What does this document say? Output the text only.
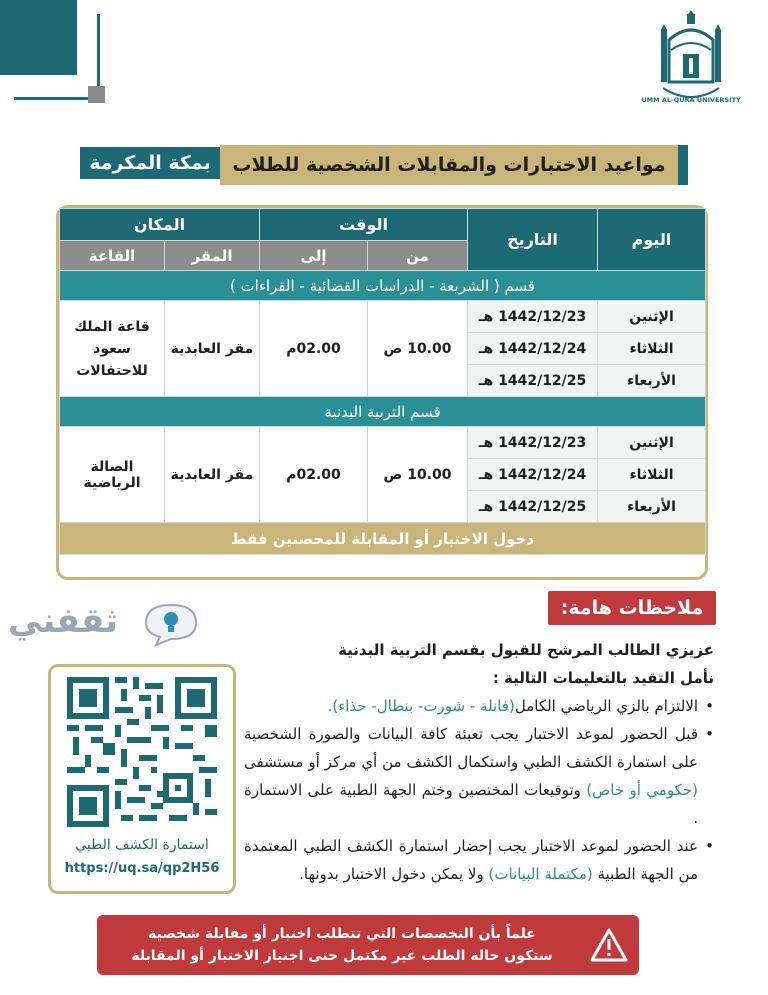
UMM AL-QURA UNIVERSITY
بمكة المكرمة	مواعيد الاختبارات والمقابلات الشخصية للطلاب
اليوم	التاريخ	الوقت		المكان	
		من	إلى	المقر	القاعة
قسم ( الشريعة - الدراسات القضائية - القراءات )					
الإثنين	1442/12/23 هـ	10.00 ص	02.00م	مقر العابدية	قاعة الملك سعود للاحتفالات
الثلاثاء	1442/12/24 هـ				
الأربعاء	1442/12/25 هـ				
قسم التربية البدنية					
الإثنين	1442/12/23 هـ	10.00 ص	02.00م	مقر العابدية	الصالة الرياضية
الثلاثاء	1442/12/24 هـ				
الأربعاء	1442/12/25 هـ				
دخول الاختبار أو المقابلة للمحصنين فقط					
ثقفني	ملاحظات هامة:
عزيزي الطالب المرشح للقبول بقسم التربية البدنية
نأمل التقيد بالتعليمات التالية :
• الالتزام بالزي الرياضي الكامل(فانلة - شورت- بنطال- حذاء).
• قبل الحضور لموعد الاختبار يجب تعبئة كافة البيانات والصورة الشخصية على استمارة الكشف الطبي واستكمال الكشف من أي مركز أو مستشفى (حكومي أو خاص) وتوقيعات المختصين وختم الجهة الطبية على الاستمارة .
• عند الحضور لموعد الاختبار يجب إحضار استمارة الكشف الطبي المعتمدة من الجهة الطبية (مكتملة البيانات) ولا يمكن دخول الاختبار بدونها.
استمارة الكشف الطبي
https://uq.sa/qp2H56
علماً بأن التخصصات التي تتطلب اختبار أو مقابلة شخصية
ستكون حالة الطلب غير مكتمل حتى اجتياز الاختبار أو المقابلة
